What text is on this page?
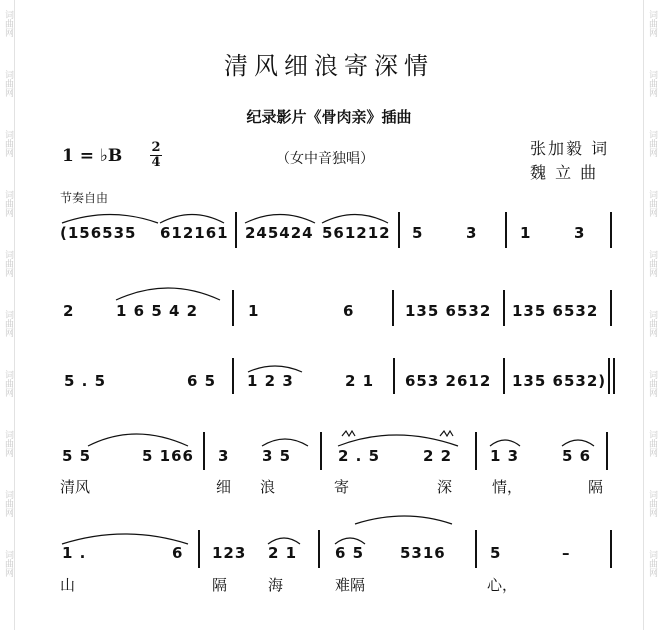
词曲网
词曲网
词曲网
词曲网
词曲网
词曲网
词曲网
词曲网
词曲网
词曲网
词曲网
词曲网
词曲网
词曲网
词曲网
词曲网
词曲网
词曲网
词曲网
词曲网
清风细浪寄深情
纪录影片《骨肉亲》插曲
1 = ♭B 2
4	（女中音独唱）
张加毅 词
魏 立 曲
节奏自由
(156535 612161 245424 561212 5	3	1	3
2	1 6 5 4 2	1	6	135 6532 135 6532
5 . 5	6 5 1 2 3	2 1 653 2612 135 6532)
5 5	5 166 3 3 5	2 . 5	2 2	1 3	5 6
清风	细 浪	寄	深	情，	隔
1 .	6 123 2 1	6 5 5316	5	–
山	隔	海	难隔	心，
